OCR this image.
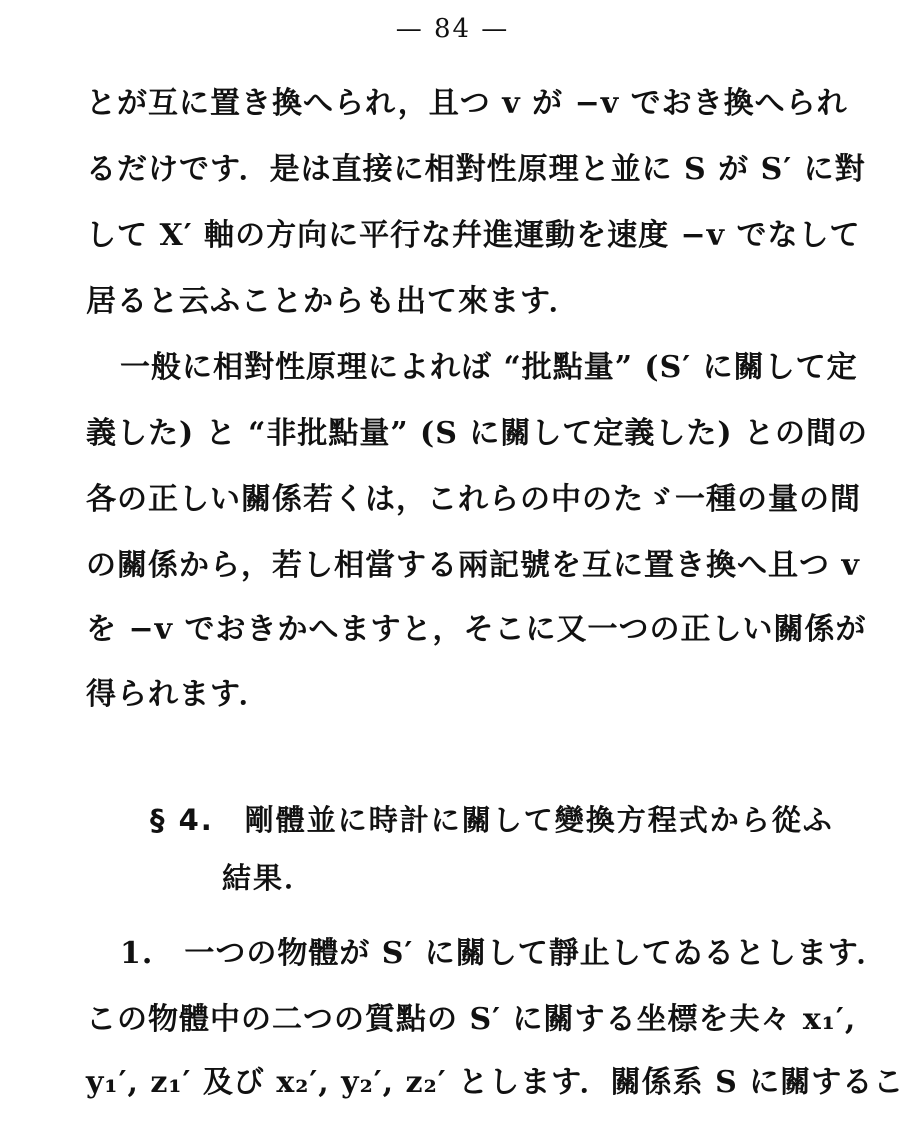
— 84 —
とが互に置き換へられ，且つ v が −v でおき換へられ
るだけです．是は直接に相對性原理と並に S が S′ に對
して X′ 軸の方向に平行な幷進運動を速度 −v でなして
居ると云ふことからも出て來ます．
一般に相對性原理によれば “批點量” (S′ に關して定
義した) と “非批點量” (S に關して定義した) との間の
各の正しい關係若くは，これらの中のたゞ一種の量の間
の關係から，若し相當する兩記號を互に置き換へ且つ v
を −v でおきかへますと，そこに又一つの正しい關係が
得られます．
§ 4.　剛體並に時計に關して變換方程式から從ふ
結果．
1.　一つの物體が S′ に關して靜止してゐるとします．
この物體中の二つの質點の S′ に關する坐標を夫々 x₁′,
y₁′, z₁′ 及び x₂′, y₂′, z₂′ とします．關係系 S に關するこ
